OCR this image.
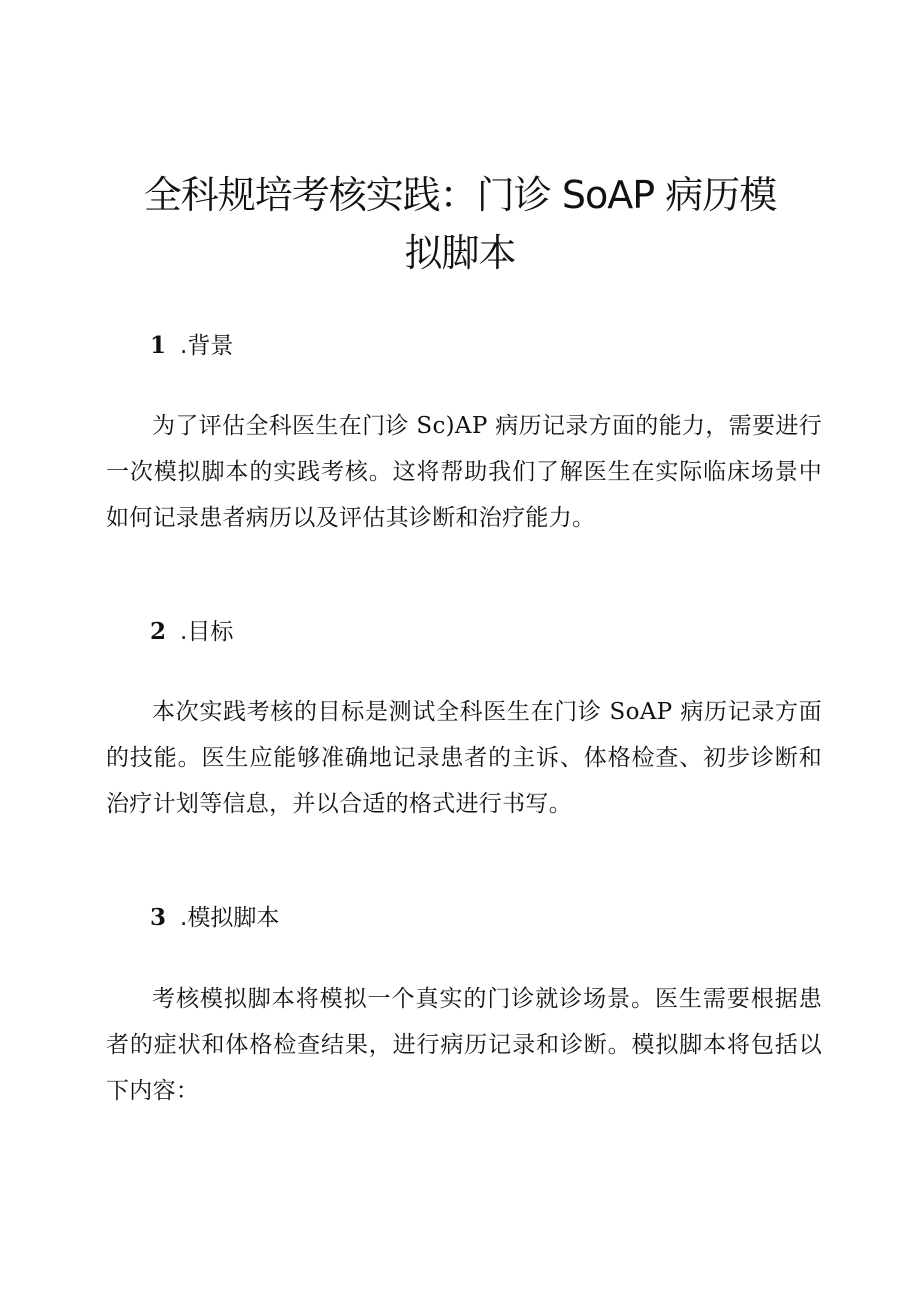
全科规培考核实践：门诊 SoAP 病历模
拟脚本
1 .背景

为了评估全科医生在门诊 Sc)AP 病历记录方面的能力，需要进行一次模拟脚本的实践考核。这将帮助我们了解医生在实际临床场景中如何记录患者病历以及评估其诊断和治疗能力。

2 .目标

本次实践考核的目标是测试全科医生在门诊 SoAP 病历记录方面的技能。医生应能够准确地记录患者的主诉、体格检查、初步诊断和治疗计划等信息，并以合适的格式进行书写。

3 .模拟脚本

考核模拟脚本将模拟一个真实的门诊就诊场景。医生需要根据患者的症状和体格检查结果，进行病历记录和诊断。模拟脚本将包括以下内容：
